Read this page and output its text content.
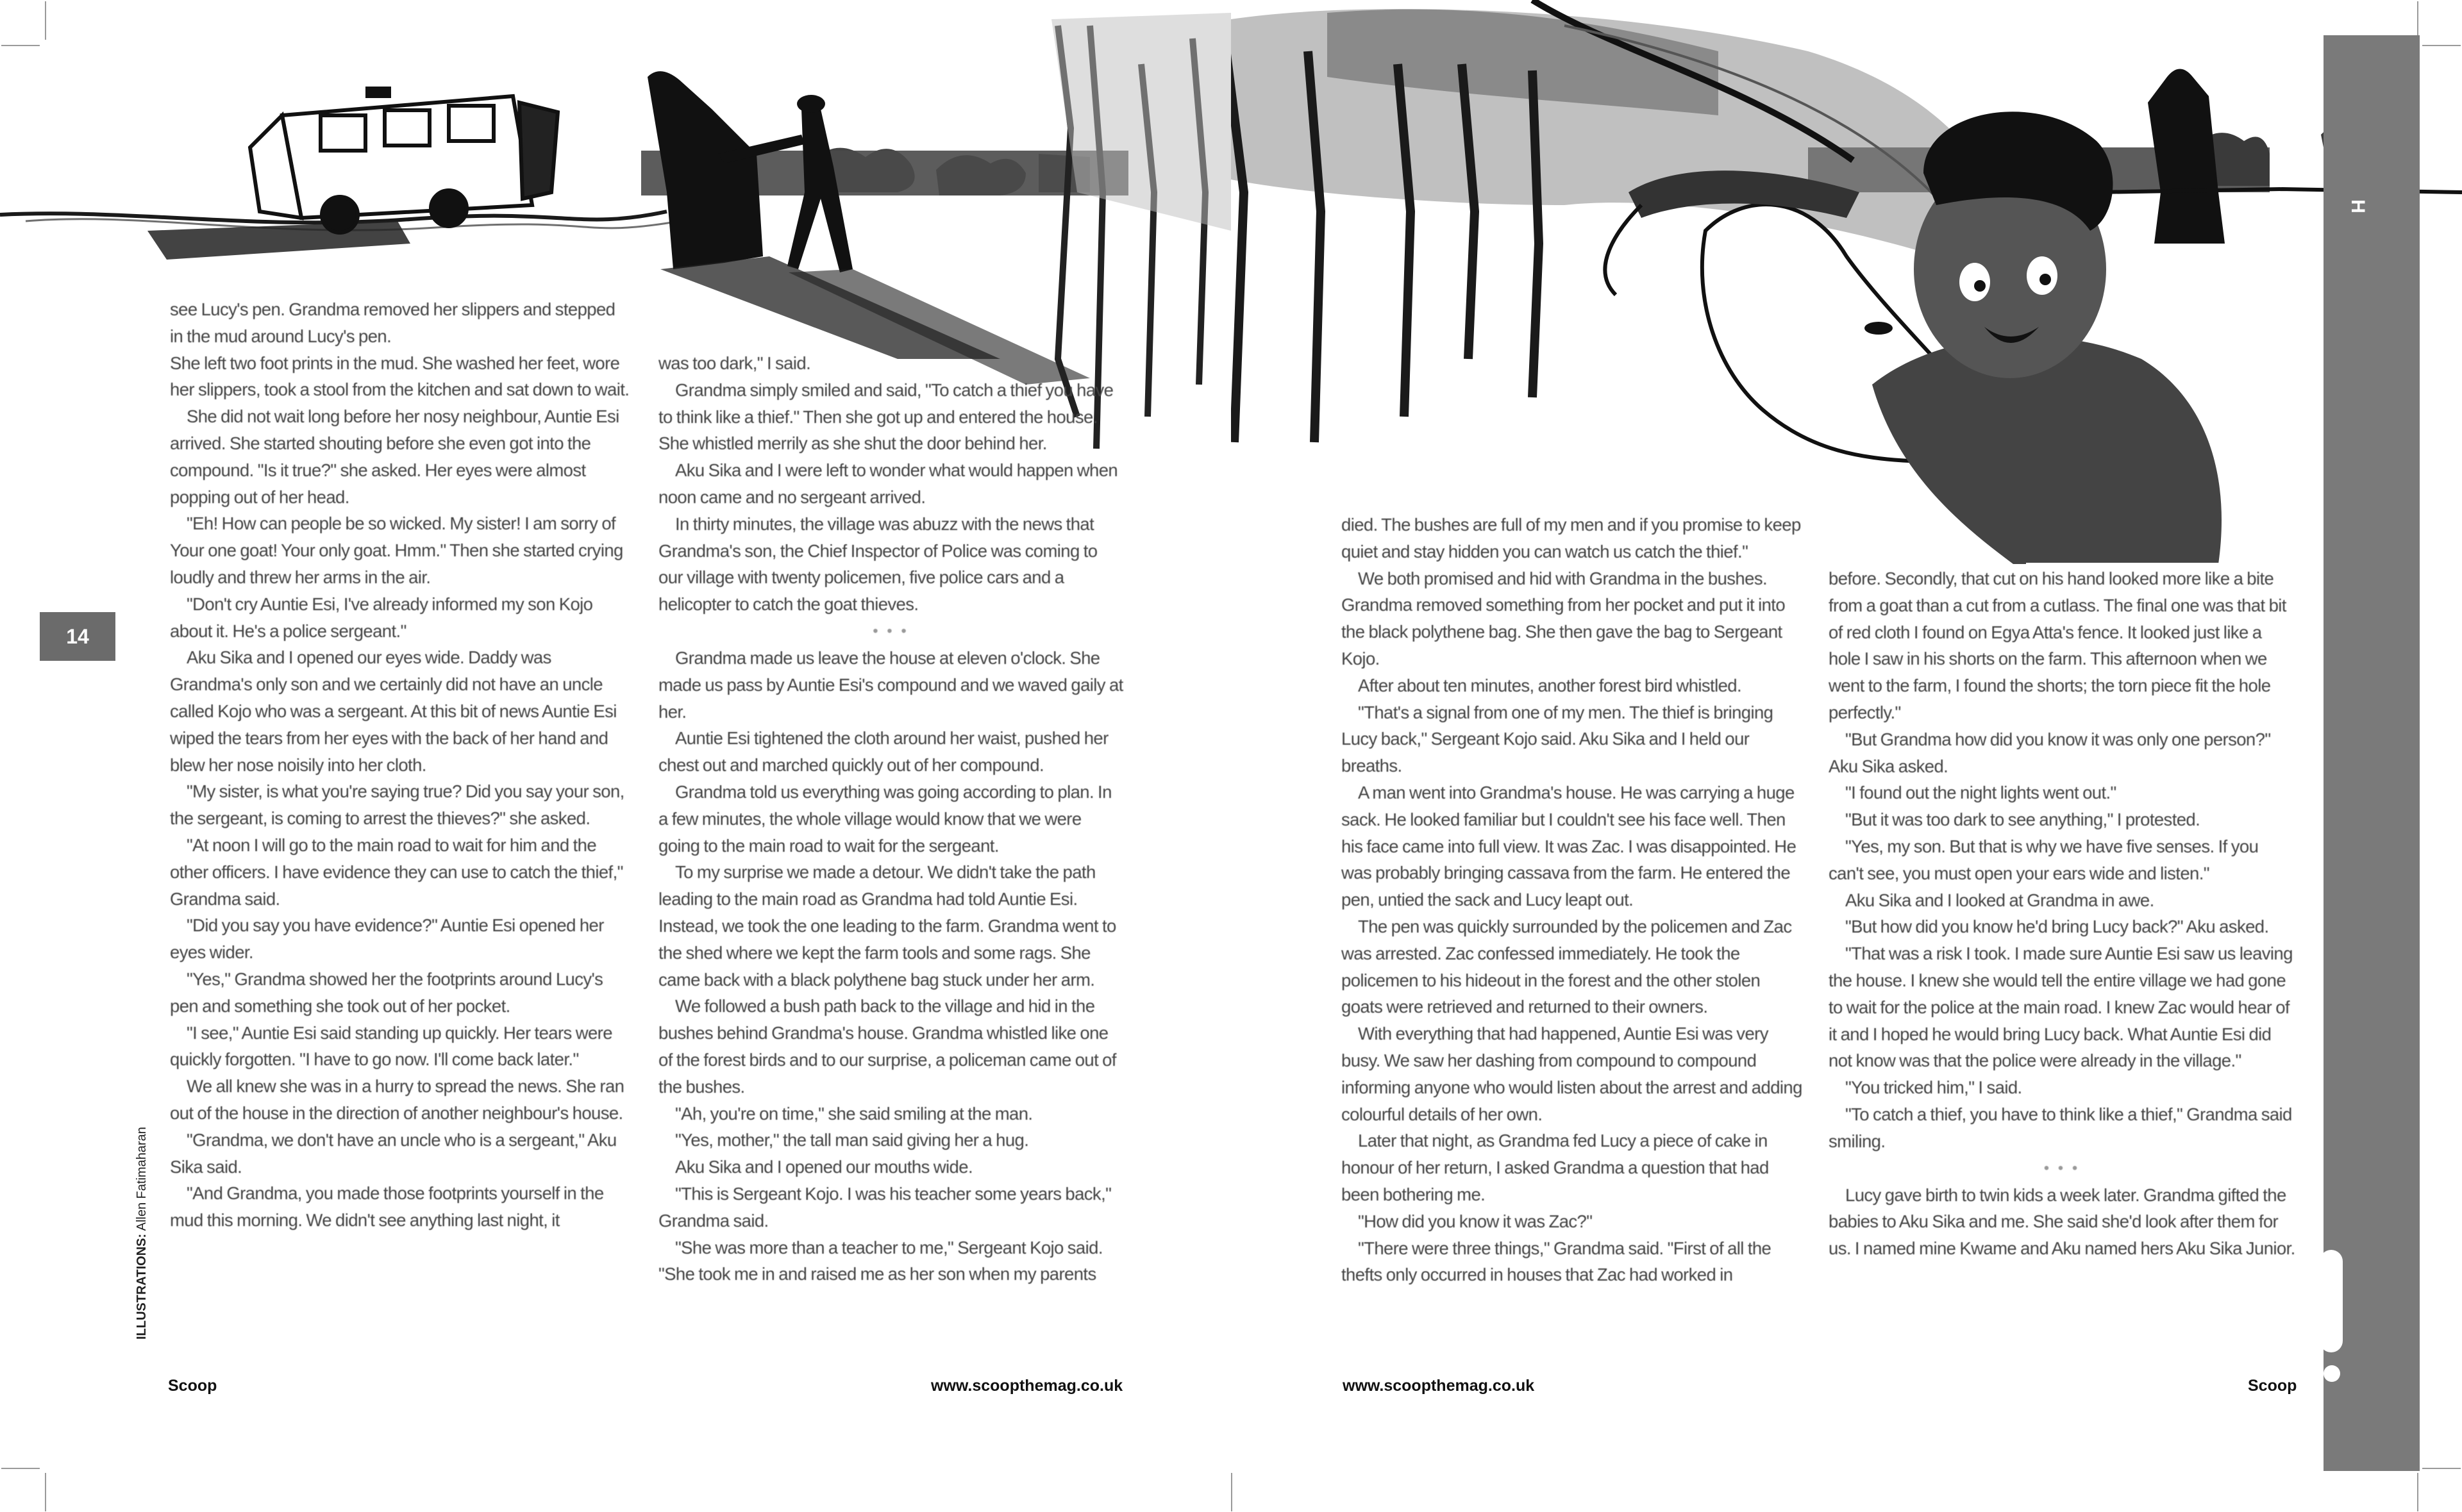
see Lucy's pen. Grandma removed her slippers and stepped in the mud around Lucy's pen.

She left two foot prints in the mud. She washed her feet, wore her slippers, took a stool from the kitchen and sat down to wait.

She did not wait long before her nosy neighbour, Auntie Esi arrived. She started shouting before she even got into the compound. "Is it true?" she asked. Her eyes were almost popping out of her head.

"Eh! How can people be so wicked. My sister! I am sorry of Your one goat! Your only goat. Hmm." Then she started crying loudly and threw her arms in the air.

"Don't cry Auntie Esi, I've already informed my son Kojo about it. He's a police sergeant."

Aku Sika and I opened our eyes wide. Daddy was Grandma's only son and we certainly did not have an uncle called Kojo who was a sergeant. At this bit of news Auntie Esi wiped the tears from her eyes with the back of her hand and blew her nose noisily into her cloth.

"My sister, is what you're saying true? Did you say your son, the sergeant, is coming to arrest the thieves?" she asked.

"At noon I will go to the main road to wait for him and the other officers. I have evidence they can use to catch the thief," Grandma said.

"Did you say you have evidence?" Auntie Esi opened her eyes wider.

"Yes," Grandma showed her the footprints around Lucy's pen and something she took out of her pocket.

"I see," Auntie Esi said standing up quickly. Her tears were quickly forgotten. "I have to go now. I'll come back later."

We all knew she was in a hurry to spread the news. She ran out of the house in the direction of another neighbour's house.

"Grandma, we don't have an uncle who is a sergeant," Aku Sika said.

"And Grandma, you made those footprints yourself in the mud this morning. We didn't see anything last night, it

was too dark," I said.

Grandma simply smiled and said, "To catch a thief you have to think like a thief." Then she got up and entered the house. She whistled merrily as she shut the door behind her.

Aku Sika and I were left to wonder what would happen when noon came and no sergeant arrived.

In thirty minutes, the village was abuzz with the news that Grandma's son, the Chief Inspector of Police was coming to our village with twenty policemen, five police cars and a helicopter to catch the goat thieves.

• • •

Grandma made us leave the house at eleven o'clock. She made us pass by Auntie Esi's compound and we waved gaily at her.

Auntie Esi tightened the cloth around her waist, pushed her chest out and marched quickly out of her compound.

Grandma told us everything was going according to plan. In a few minutes, the whole village would know that we were going to the main road to wait for the sergeant.

To my surprise we made a detour. We didn't take the path leading to the main road as Grandma had told Auntie Esi. Instead, we took the one leading to the farm. Grandma went to the shed where we kept the farm tools and some rags. She came back with a black polythene bag stuck under her arm.

We followed a bush path back to the village and hid in the bushes behind Grandma's house. Grandma whistled like one of the forest birds and to our surprise, a policeman came out of the bushes.

"Ah, you're on time," she said smiling at the man.

"Yes, mother," the tall man said giving her a hug.

Aku Sika and I opened our mouths wide.

"This is Sergeant Kojo. I was his teacher some years back," Grandma said.

"She was more than a teacher to me," Sergeant Kojo said. "She took me in and raised me as her son when my parents

14
ILLUSTRATIONS: Allen Fatimaharan
Scoop	www.scoopthemag.co.uk
H

died. The bushes are full of my men and if you promise to keep quiet and stay hidden you can watch us catch the thief."

We both promised and hid with Grandma in the bushes. Grandma removed something from her pocket and put it into the black polythene bag. She then gave the bag to Sergeant Kojo.

After about ten minutes, another forest bird whistled.

"That's a signal from one of my men. The thief is bringing Lucy back," Sergeant Kojo said. Aku Sika and I held our breaths.

A man went into Grandma's house. He was carrying a huge sack. He looked familiar but I couldn't see his face well. Then his face came into full view. It was Zac. I was disappointed. He was probably bringing cassava from the farm. He entered the pen, untied the sack and Lucy leapt out.

The pen was quickly surrounded by the policemen and Zac was arrested. Zac confessed immediately. He took the policemen to his hideout in the forest and the other stolen goats were retrieved and returned to their owners.

With everything that had happened, Auntie Esi was very busy. We saw her dashing from compound to compound informing anyone who would listen about the arrest and adding colourful details of her own.

Later that night, as Grandma fed Lucy a piece of cake in honour of her return, I asked Grandma a question that had been bothering me.

"How did you know it was Zac?"

"There were three things," Grandma said. "First of all the thefts only occurred in houses that Zac had worked in

before. Secondly, that cut on his hand looked more like a bite from a goat than a cut from a cutlass. The final one was that bit of red cloth I found on Egya Atta's fence. It looked just like a hole I saw in his shorts on the farm. This afternoon when we went to the farm, I found the shorts; the torn piece fit the hole perfectly."

"But Grandma how did you know it was only one person?" Aku Sika asked.

"I found out the night lights went out."

"But it was too dark to see anything," I protested.

"Yes, my son. But that is why we have five senses. If you can't see, you must open your ears wide and listen."

Aku Sika and I looked at Grandma in awe.

"But how did you know he'd bring Lucy back?" Aku asked.

"That was a risk I took. I made sure Auntie Esi saw us leaving the house. I knew she would tell the entire village we had gone to wait for the police at the main road. I knew Zac would hear of it and I hoped he would bring Lucy back. What Auntie Esi did not know was that the police were already in the village."

"You tricked him," I said.

"To catch a thief, you have to think like a thief," Grandma said smiling.

• • •

Lucy gave birth to twin kids a week later. Grandma gifted the babies to Aku Sika and me. She said she'd look after them for us. I named mine Kwame and Aku named hers Aku Sika Junior.

www.scoopthemag.co.uk	Scoop
